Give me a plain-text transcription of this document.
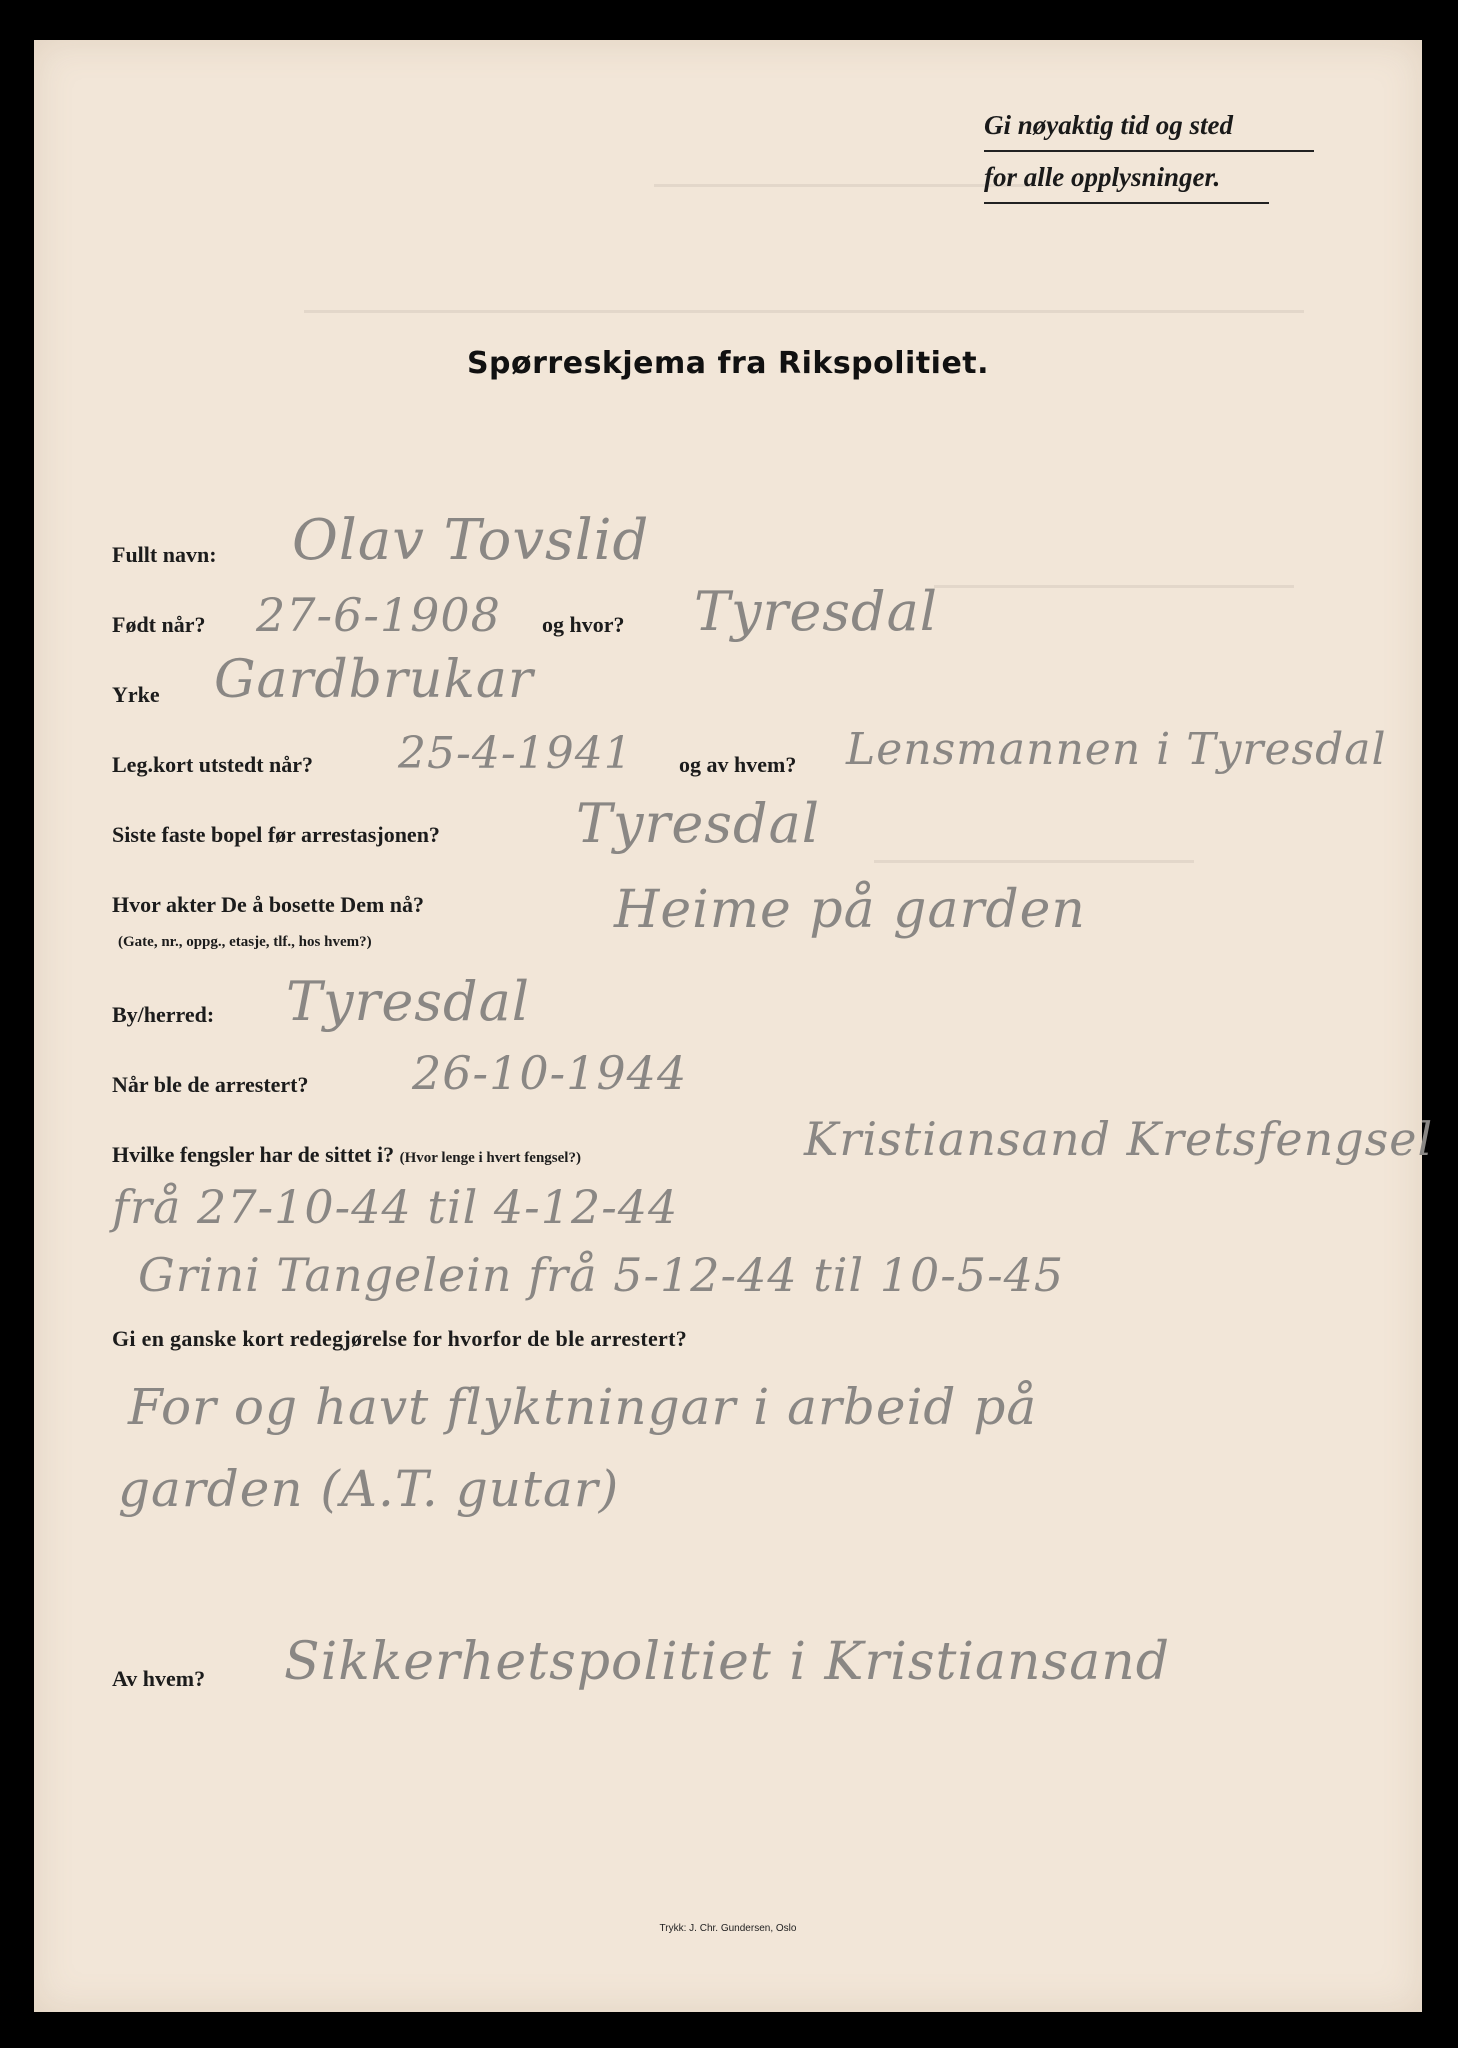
Gi nøyaktig tid og sted
for alle opplysninger.
Spørreskjema fra Rikspolitiet.
Fullt navn: Olav Tovslid
Født når? 27-6-1908 og hvor? Tyresdal
Yrke Gardbrukar
Leg.kort utstedt når? 25-4-1941 og av hvem? Lensmannen i Tyresdal
Siste faste bopel før arrestasjonen?	Tyresdal
Hvor akter De å bosette Dem nå?
(Gate, nr., oppg., etasje, tlf., hos hvem?)
Heime på garden
By/herred: Tyresdal
Når ble de arrestert? 26-10-1944
Hvilke fengsler har de sittet i? (Hvor lenge i hvert fengsel?)	Kristiansand Kretsfengsel
frå 27-10-44 til 4-12-44
Grini Tangelein frå 5-12-44 til 10-5-45
Gi en ganske kort redegjørelse for hvorfor de ble arrestert?
For og havt flyktningar i arbeid på
garden (A.T. gutar)
Av hvem? Sikkerhetspolitiet i Kristiansand
Trykk: J. Chr. Gundersen, Oslo
